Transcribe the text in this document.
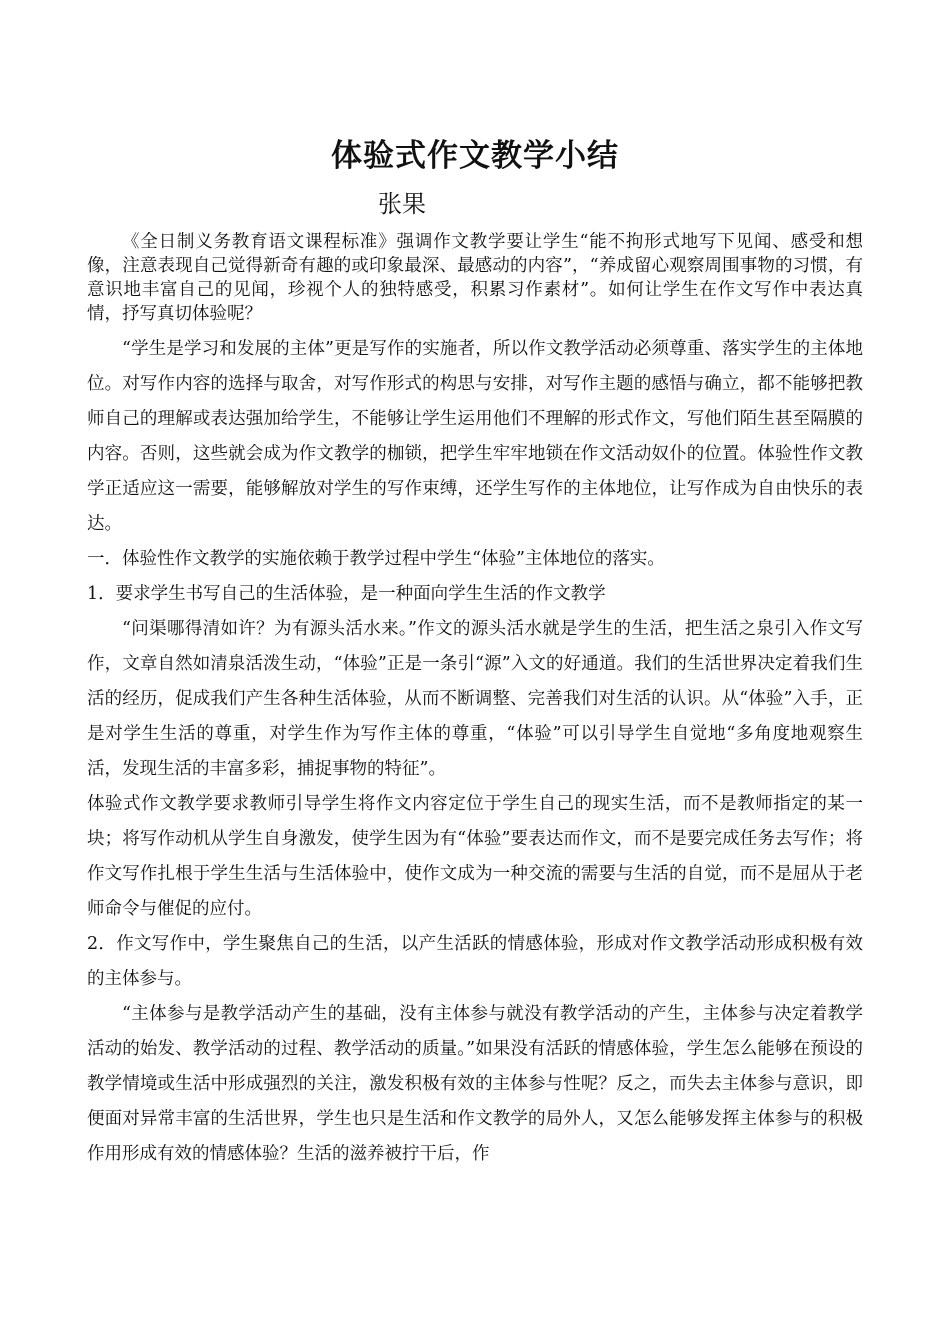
体验式作文教学小结
张果

《全日制义务教育语文课程标准》强调作文教学要让学生“能不拘形式地写下见闻、感受和想像，注意表现自己觉得新奇有趣的或印象最深、最感动的内容”，“养成留心观察周围事物的习惯，有意识地丰富自己的见闻，珍视个人的独特感受，积累习作素材”。如何让学生在作文写作中表达真情，抒写真切体验呢？

“学生是学习和发展的主体”更是写作的实施者，所以作文教学活动必须尊重、落实学生的主体地位。对写作内容的选择与取舍，对写作形式的构思与安排，对写作主题的感悟与确立，都不能够把教师自己的理解或表达强加给学生，不能够让学生运用他们不理解的形式作文，写他们陌生甚至隔膜的内容。否则，这些就会成为作文教学的枷锁，把学生牢牢地锁在作文活动奴仆的位置。体验性作文教学正适应这一需要，能够解放对学生的写作束缚，还学生写作的主体地位，让写作成为自由快乐的表达。

一．体验性作文教学的实施依赖于教学过程中学生“体验”主体地位的落实。

1．要求学生书写自己的生活体验，是一种面向学生生活的作文教学

“问渠哪得清如许？为有源头活水来。”作文的源头活水就是学生的生活，把生活之泉引入作文写作，文章自然如清泉活泼生动，“体验”正是一条引“源”入文的好通道。我们的生活世界决定着我们生活的经历，促成我们产生各种生活体验，从而不断调整、完善我们对生活的认识。从“体验”入手，正是对学生生活的尊重，对学生作为写作主体的尊重，“体验”可以引导学生自觉地“多角度地观察生活，发现生活的丰富多彩，捕捉事物的特征”。

体验式作文教学要求教师引导学生将作文内容定位于学生自己的现实生活，而不是教师指定的某一块；将写作动机从学生自身激发，使学生因为有“体验”要表达而作文，而不是要完成任务去写作；将作文写作扎根于学生生活与生活体验中，使作文成为一种交流的需要与生活的自觉，而不是屈从于老师命令与催促的应付。

2．作文写作中，学生聚焦自己的生活，以产生活跃的情感体验，形成对作文教学活动形成积极有效的主体参与。

“主体参与是教学活动产生的基础，没有主体参与就没有教学活动的产生，主体参与决定着教学活动的始发、教学活动的过程、教学活动的质量。”如果没有活跃的情感体验，学生怎么能够在预设的教学情境或生活中形成强烈的关注，激发积极有效的主体参与性呢？反之，而失去主体参与意识，即便面对异常丰富的生活世界，学生也只是生活和作文教学的局外人，又怎么能够发挥主体参与的积极作用形成有效的情感体验？生活的滋养被拧干后，作
